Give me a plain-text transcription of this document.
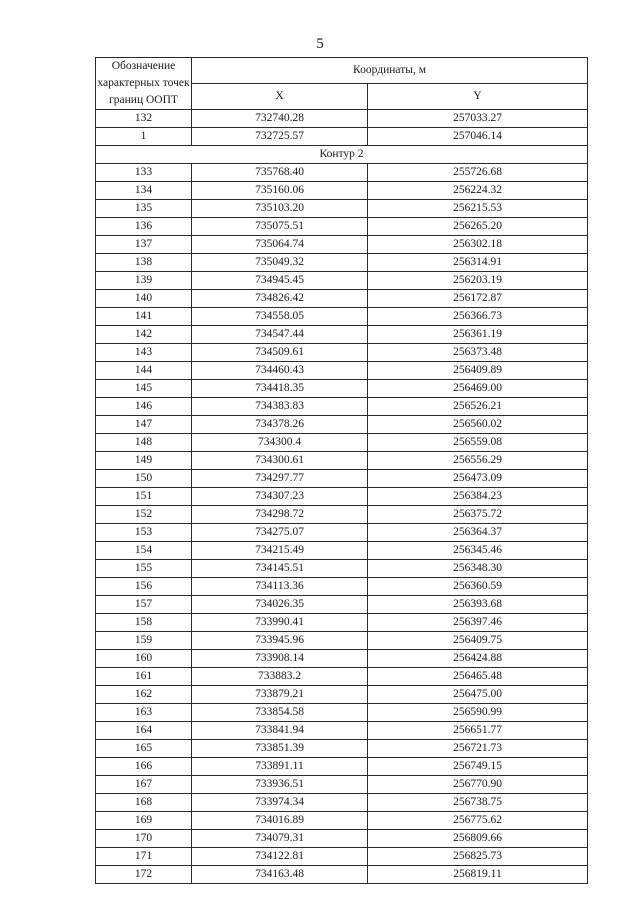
5
Обозначение характерных точек границ ООПТ	Координаты, м	
	X	Y
132	732740.28	257033.27
1	732725.57	257046.14
Контур 2		
133	735768.40	255726.68
134	735160.06	256224.32
135	735103.20	256215.53
136	735075.51	256265.20
137	735064.74	256302.18
138	735049.32	256314.91
139	734945.45	256203.19
140	734826.42	256172.87
141	734558.05	256366.73
142	734547.44	256361.19
143	734509.61	256373.48
144	734460.43	256409.89
145	734418.35	256469.00
146	734383.83	256526.21
147	734378.26	256560.02
148	734300.4	256559.08
149	734300.61	256556.29
150	734297.77	256473.09
151	734307.23	256384.23
152	734298.72	256375.72
153	734275.07	256364.37
154	734215.49	256345.46
155	734145.51	256348.30
156	734113.36	256360.59
157	734026.35	256393.68
158	733990.41	256397.46
159	733945.96	256409.75
160	733908.14	256424.88
161	733883.2	256465.48
162	733879.21	256475.00
163	733854.58	256590.99
164	733841.94	256651.77
165	733851.39	256721.73
166	733891.11	256749.15
167	733936.51	256770.90
168	733974.34	256738.75
169	734016.89	256775.62
170	734079.31	256809.66
171	734122.81	256825.73
172	734163.48	256819.11
